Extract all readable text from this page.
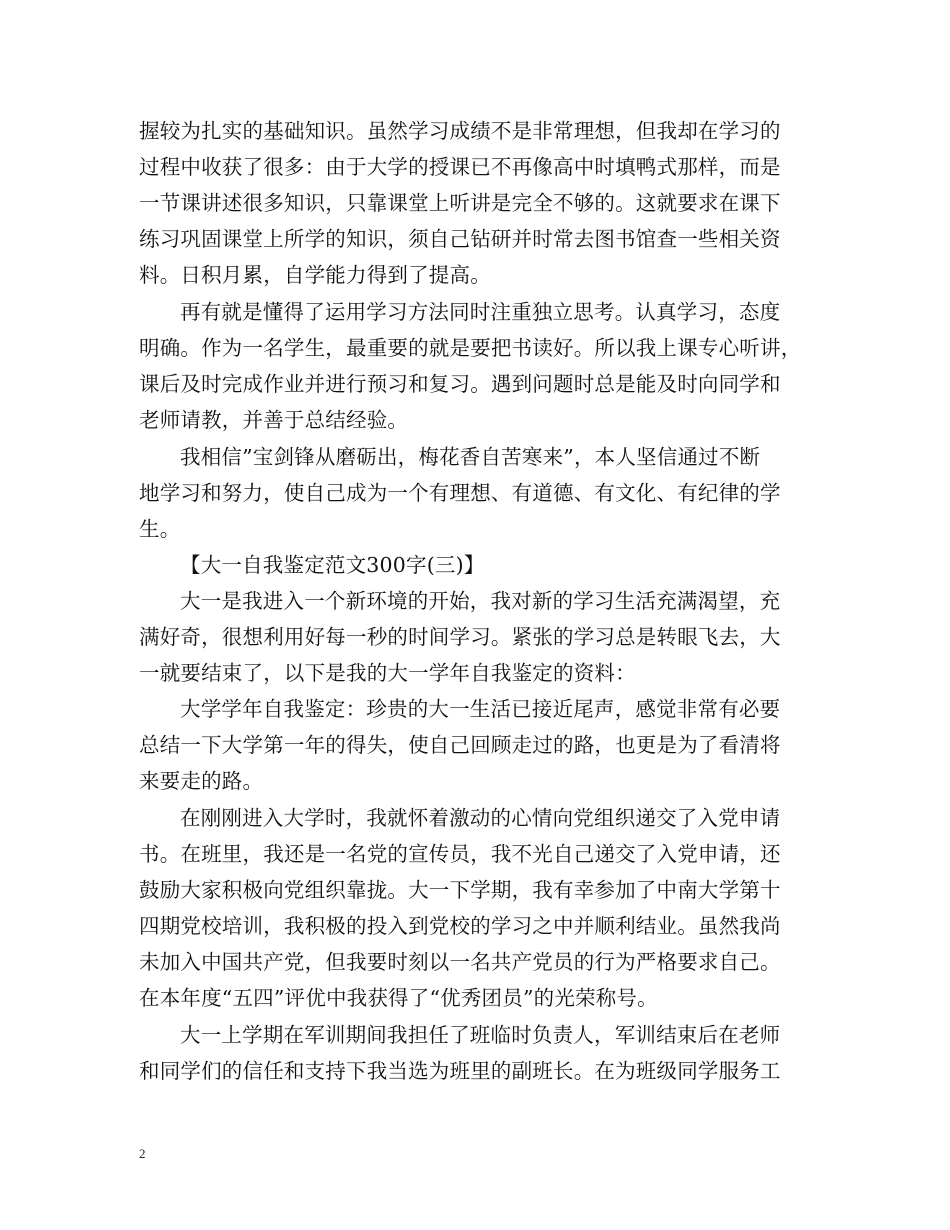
握较为扎实的基础知识。虽然学习成绩不是非常理想，但我却在学习的
过程中收获了很多：由于大学的授课已不再像高中时填鸭式那样，而是
一节课讲述很多知识，只靠课堂上听讲是完全不够的。这就要求在课下
练习巩固课堂上所学的知识，须自己钻研并时常去图书馆查一些相关资
料。日积月累，自学能力得到了提高。
再有就是懂得了运用学习方法同时注重独立思考。认真学习，态度
明确。作为一名学生，最重要的就是要把书读好。所以我上课专心听讲，
课后及时完成作业并进行预习和复习。遇到问题时总是能及时向同学和
老师请教，并善于总结经验。
我相信”宝剑锋从磨砺出，梅花香自苦寒来”，本人坚信通过不断
地学习和努力，使自己成为一个有理想、有道德、有文化、有纪律的学
生。
【大一自我鉴定范文300字(三)】
大一是我进入一个新环境的开始，我对新的学习生活充满渴望，充
满好奇，很想利用好每一秒的时间学习。紧张的学习总是转眼飞去，大
一就要结束了，以下是我的大一学年自我鉴定的资料：
大学学年自我鉴定：珍贵的大一生活已接近尾声，感觉非常有必要
总结一下大学第一年的得失，使自己回顾走过的路，也更是为了看清将
来要走的路。
在刚刚进入大学时，我就怀着激动的心情向党组织递交了入党申请
书。在班里，我还是一名党的宣传员，我不光自己递交了入党申请，还
鼓励大家积极向党组织靠拢。大一下学期，我有幸参加了中南大学第十
四期党校培训，我积极的投入到党校的学习之中并顺利结业。虽然我尚
未加入中国共产党，但我要时刻以一名共产党员的行为严格要求自己。
在本年度“五四”评优中我获得了“优秀团员”的光荣称号。
大一上学期在军训期间我担任了班临时负责人，军训结束后在老师
和同学们的信任和支持下我当选为班里的副班长。在为班级同学服务工
2
